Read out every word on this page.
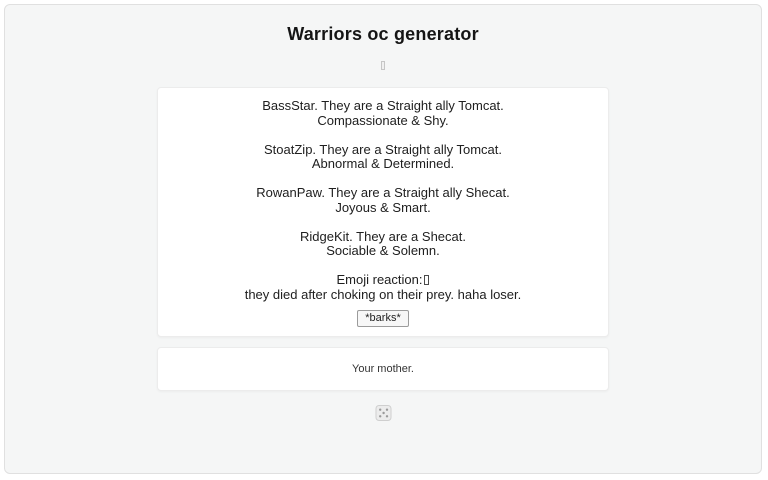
Warriors oc generator
BassStar. They are a Straight ally Tomcat.
Compassionate & Shy.
StoatZip. They are a Straight ally Tomcat.
Abnormal & Determined.
RowanPaw. They are a Straight ally Shecat.
Joyous & Smart.
RidgeKit. They are a Shecat.
Sociable & Solemn.
Emoji reaction:
they died after choking on their prey. haha loser.
*barks*
Your mother.
